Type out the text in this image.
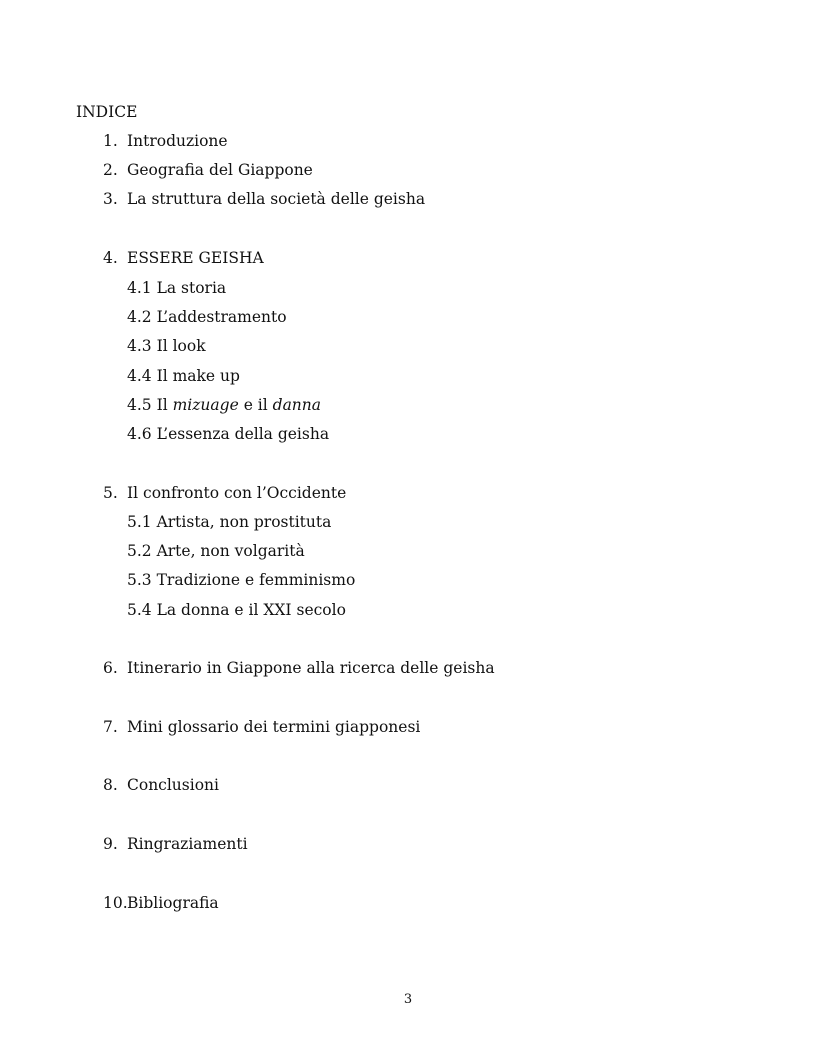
INDICE
1. Introduzione
2. Geografia del Giappone
3. La struttura della società delle geisha
4. ESSERE GEISHA
4.1 La storia
4.2 L’addestramento
4.3 Il look
4.4 Il make up
4.5 Il mizuage e il danna
4.6 L’essenza della geisha
5. Il confronto con l’Occidente
5.1 Artista, non prostituta
5.2 Arte, non volgarità
5.3 Tradizione e femminismo
5.4 La donna e il XXI secolo
6. Itinerario in Giappone alla ricerca delle geisha
7. Mini glossario dei termini giapponesi
8. Conclusioni
9. Ringraziamenti
10. Bibliografia
3
